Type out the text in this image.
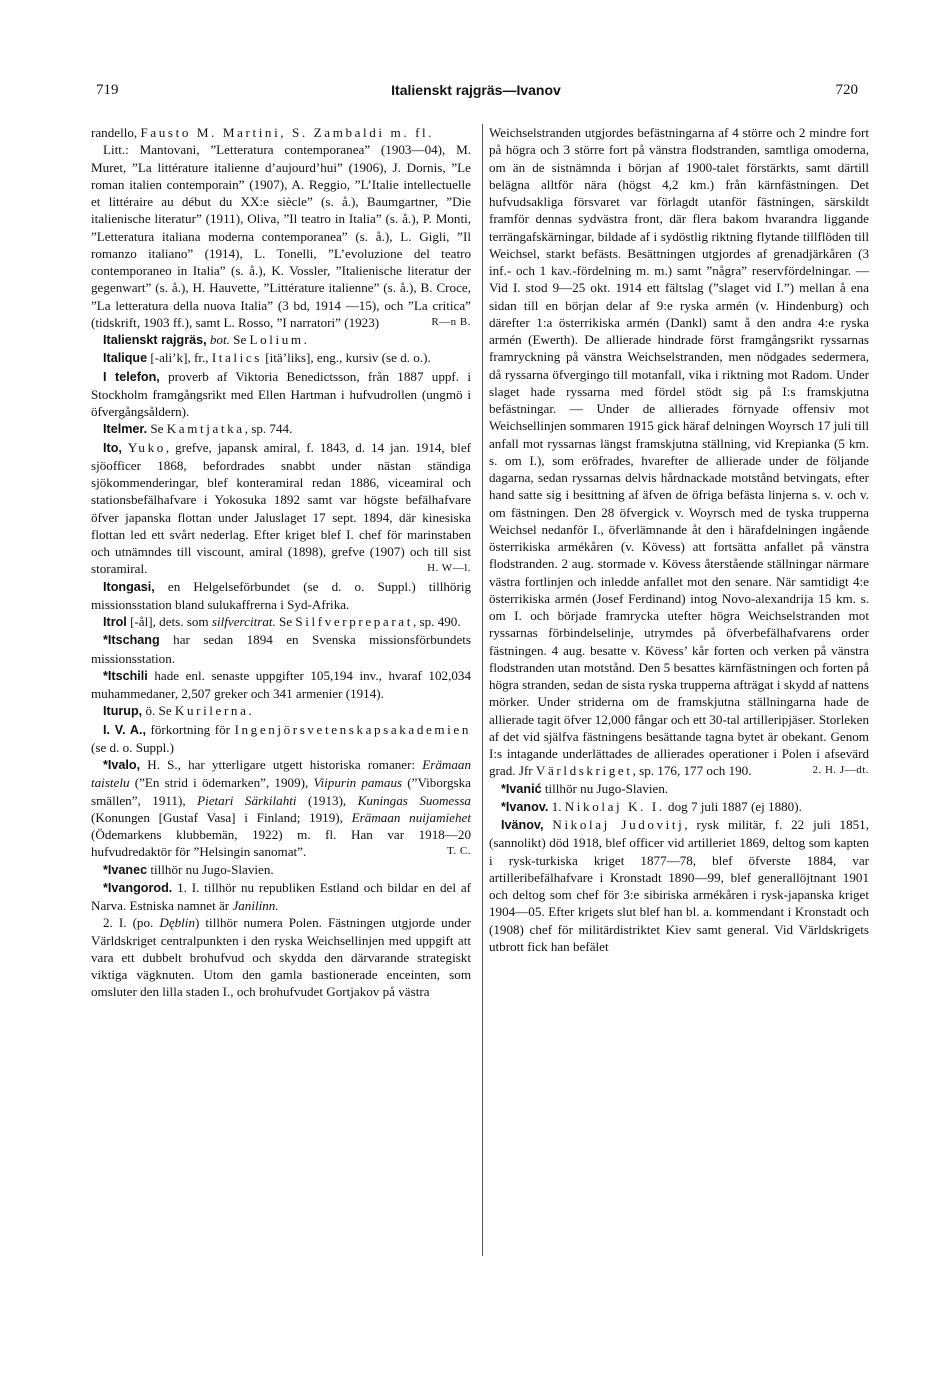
719	Italienskt rajgräs—Ivanov	720

randello, Fausto M. Martini, S. Zambaldi m. fl.

Litt.: Mantovani, ”Letteratura contemporanea” (1903—04), M. Muret, ”La littérature italienne d’aujourd’hui” (1906), J. Dornis, ”Le roman italien contemporain” (1907), A. Reggio, ”L’Italie intellectuelle et littéraire au début du XX:e siècle” (s. å.), Baumgartner, ”Die italienische literatur” (1911), Oliva, ”Il teatro in Italia” (s. å.), P. Monti, ”Letteratura italiana moderna contemporanea” (s. å.), L. Gigli, ”Il romanzo italiano” (1914), L. Tonelli, ”L’evoluzione del teatro contemporaneo in Italia” (s. å.), K. Vossler, ”Italienische literatur der gegenwart” (s. å.), H. Hauvette, ”Littérature italienne” (s. å.), B. Croce, ”La letteratura della nuova Italia” (3 bd, 1914 —15), och ”La critica” (tidskrift, 1903 ff.), samt L. Rosso, ”I narratori” (1923)	R—n B.

Italienskt rajgräs, bot. Se Lolium.

Italique [-ali’k], fr., Italics [itä’liks], eng., kursiv (se d. o.).

I telefon, proverb af Viktoria Benedictsson, från 1887 uppf. i Stockholm framgångsrikt med Ellen Hartman i hufvudrollen (ungmö i öfvergångsåldern).

Itelmer. Se Kamtjatka, sp. 744.

Ito, Yuko, grefve, japansk amiral, f. 1843, d. 14 jan. 1914, blef sjöofficer 1868, befordrades snabbt under nästan ständiga sjökommenderingar, blef konteramiral redan 1886, viceamiral och stationsbefälhafvare i Yokosuka 1892 samt var högste befälhafvare öfver japanska flottan under Jaluslaget 17 sept. 1894, där kinesiska flottan led ett svårt nederlag. Efter kriget blef I. chef för marinstaben och utnämndes till viscount, amiral (1898), grefve (1907) och till sist storamiral.	H. W—l.

Itongasi, en Helgelseförbundet (se d. o. Suppl.) tillhörig missionsstation bland sulukaffrerna i Syd-Afrika.

Itrol [-ål], dets. som silfvercitrat. Se Silfverpreparat, sp. 490.

*Itschang har sedan 1894 en Svenska missionsförbundets missionsstation.

*Itschili hade enl. senaste uppgifter 105,194 inv., hvaraf 102,034 muhammedaner, 2,507 greker och 341 armenier (1914).

Iturup, ö. Se Kurilerna.

I. V. A., förkortning för Ingenjörsvetenskapsakademien (se d. o. Suppl.)

*Ivalo, H. S., har ytterligare utgett historiska romaner: Erämaan taistelu (”En strid i ödemarken”, 1909), Viipurin pamaus (”Viborgska smällen”, 1911), Pietari Särkilahti (1913), Kuningas Suomessa (Konungen [Gustaf Vasa] i Finland; 1919), Erämaan nuijamiehet (Ödemarkens klubbemän, 1922) m. fl. Han var 1918—20 hufvudredaktör för ”Helsingin sanomat”.	T. C.

*Ivanec tillhör nu Jugo-Slavien.

*Ivangorod. 1. I. tillhör nu republiken Estland och bildar en del af Narva. Estniska namnet är Janilinn.

2. I. (po. Dęblin) tillhör numera Polen. Fästningen utgjorde under Världskriget centralpunkten i den ryska Weichsellinjen med uppgift att vara ett dubbelt brohufvud och skydda den därvarande strategiskt viktiga vägknuten. Utom den gamla bastionerade enceinten, som omsluter den lilla staden I., och brohufvudet Gortjakov på västra

Weichselstranden utgjordes befästningarna af 4 större och 2 mindre fort på högra och 3 större fort på vänstra flodstranden, samtliga omoderna, om än de sistnämnda i början af 1900-talet förstärkts, samt därtill belägna alltför nära (högst 4,2 km.) från kärnfästningen. Det hufvudsakliga försvaret var förlagdt utanför fästningen, särskildt framför dennas sydvästra front, där flera bakom hvarandra liggande terrängafskärningar, bildade af i sydöstlig riktning flytande tillflöden till Weichsel, starkt befästs. Besättningen utgjordes af grenadjärkåren (3 inf.- och 1 kav.-fördelning m. m.) samt ”några” reservfördelningar. — Vid I. stod 9—25 okt. 1914 ett fältslag (”slaget vid I.”) mellan å ena sidan till en början delar af 9:e ryska armén (v. Hindenburg) och därefter 1:a österrikiska armén (Dankl) samt å den andra 4:e ryska armén (Ewerth). De allierade hindrade först framgångsrikt ryssarnas framryckning på vänstra Weichselstranden, men nödgades sedermera, då ryssarna öfvergingo till motanfall, vika i riktning mot Radom. Under slaget hade ryssarna med fördel stödt sig på I:s framskjutna befästningar. — Under de allierades förnyade offensiv mot Weichsellinjen sommaren 1915 gick häraf delningen Woyrsch 17 juli till anfall mot ryssarnas längst framskjutna ställning, vid Krepianka (5 km. s. om I.), som eröfrades, hvarefter de allierade under de följande dagarna, sedan ryssarnas delvis hårdnackade motstånd betvingats, efter hand satte sig i besittning af äfven de öfriga befästa linjerna s. v. och v. om fästningen. Den 28 öfvergick v. Woyrsch med de tyska trupperna Weichsel nedanför I., öfverlämnande åt den i härafdelningen ingående österrikiska armékåren (v. Kövess) att fortsätta anfallet på vänstra flodstranden. 2 aug. stormade v. Kövess återstående ställningar närmare västra fortlinjen och inledde anfallet mot den senare. När samtidigt 4:e österrikiska armén (Josef Ferdinand) intog Novo-alexandrija 15 km. s. om I. och började framrycka utefter högra Weichselstranden mot ryssarnas förbindelselinje, utrymdes på öfverbefälhafvarens order fästningen. 4 aug. besatte v. Kövess’ kår forten och verken på vänstra flodstranden utan motstånd. Den 5 besattes kärnfästningen och forten på högra stranden, sedan de sista ryska trupperna afträgat i skydd af nattens mörker. Under striderna om de framskjutna ställningarna hade de allierade tagit öfver 12,000 fångar och ett 30-tal artilleripjäser. Storleken af det vid själfva fästningens besättande tagna bytet är obekant. Genom I:s intagande underlättades de allierades operationer i Polen i afsevärd grad. Jfr Världskriget, sp. 176, 177 och 190.	2. H. J—dt.

*Ivanić tillhör nu Jugo-Slavien.

*Ivanov. 1. Nikolaj K. I. dog 7 juli 1887 (ej 1880).

Ivänov, Nikolaj Judovitj, rysk militär, f. 22 juli 1851, (sannolikt) död 1918, blef officer vid artilleriet 1869, deltog som kapten i rysk-turkiska kriget 1877—78, blef öfverste 1884, var artilleribefälhafvare i Kronstadt 1890—99, blef generallöjtnant 1901 och deltog som chef för 3:e sibiriska armékåren i rysk-japanska kriget 1904—05. Efter krigets slut blef han bl. a. kommendant i Kronstadt och (1908) chef för militärdistriktet Kiev samt general. Vid Världskrigets utbrott fick han befälet
